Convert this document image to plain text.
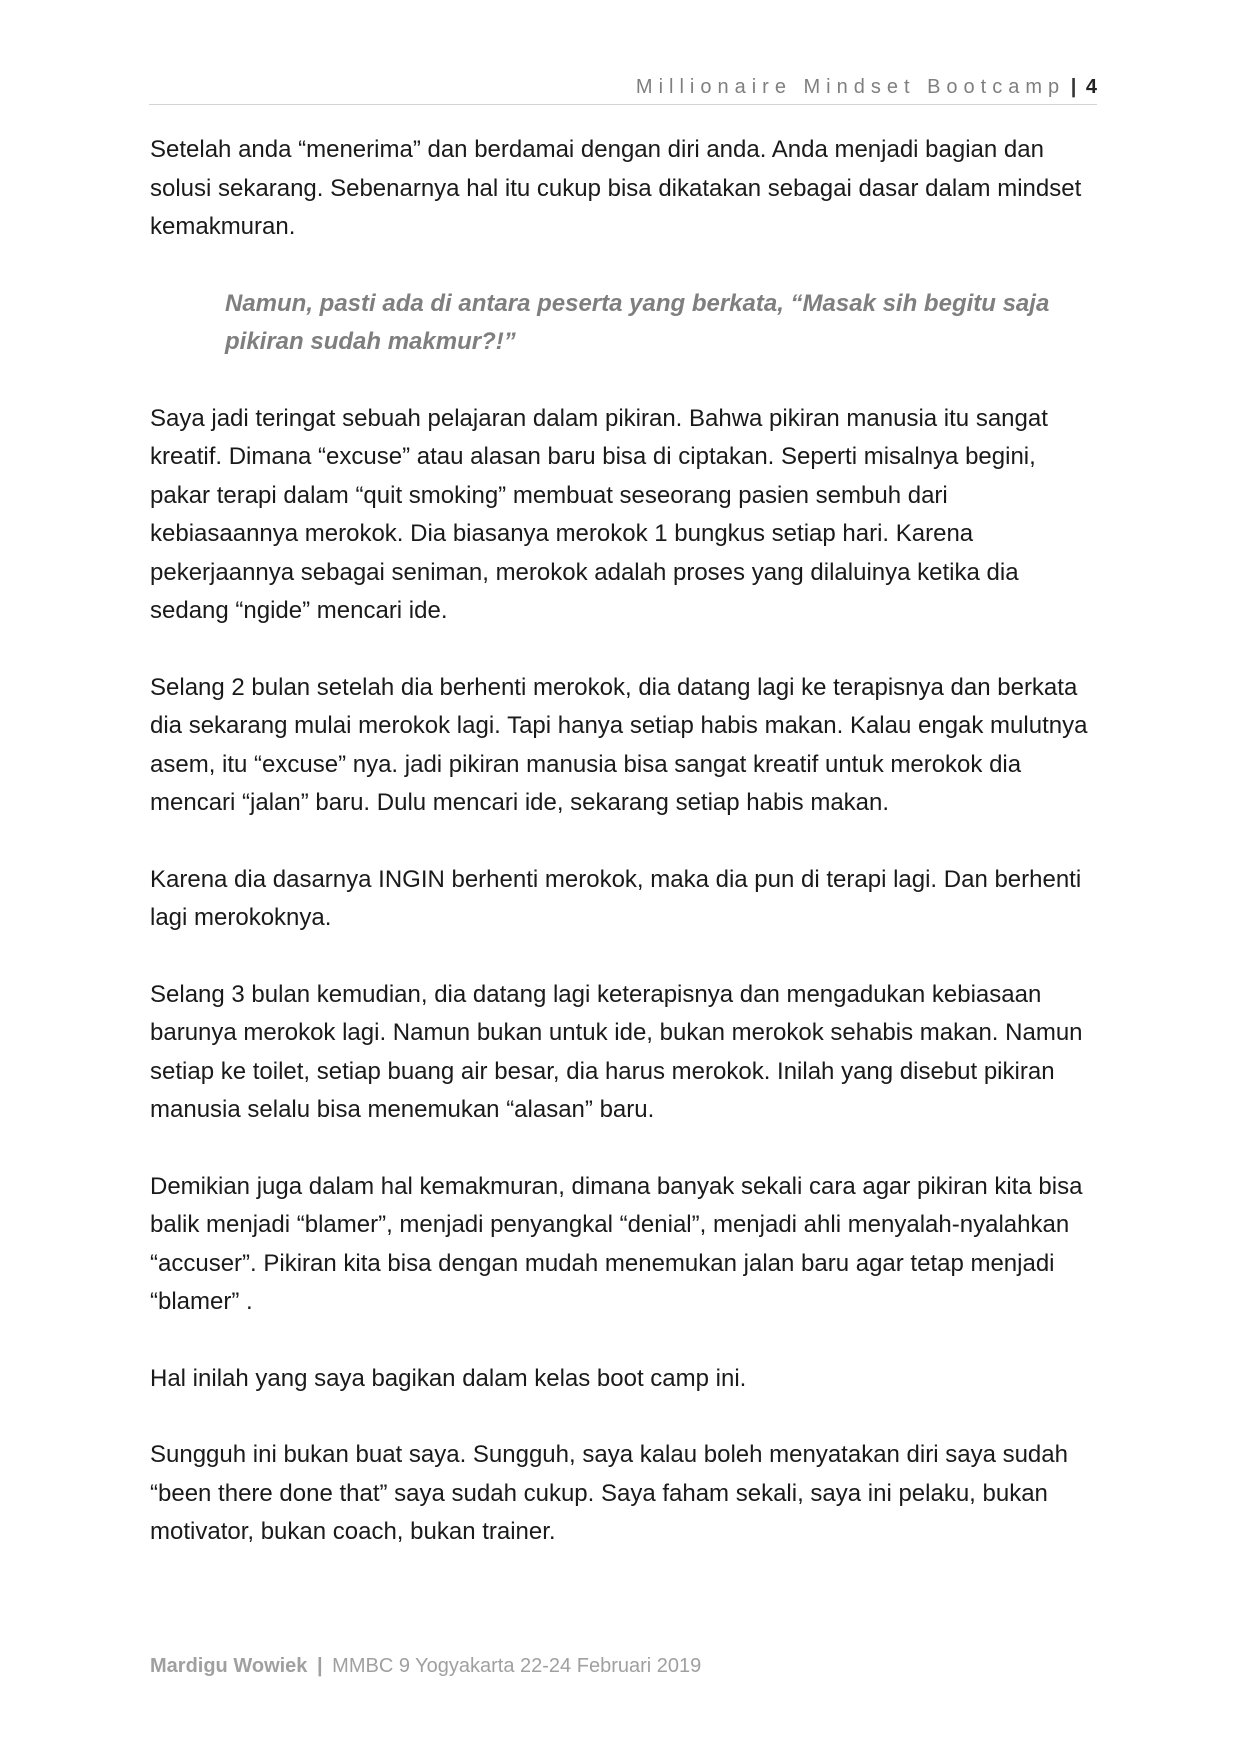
Millionaire Mindset Bootcamp | 4

Setelah anda “menerima” dan berdamai dengan diri anda. Anda menjadi bagian dan solusi sekarang. Sebenarnya hal itu cukup bisa dikatakan sebagai dasar dalam mindset kemakmuran.

Namun, pasti ada di antara peserta yang berkata, “Masak sih begitu saja pikiran sudah makmur?!”

Saya jadi teringat sebuah pelajaran dalam pikiran. Bahwa pikiran manusia itu sangat kreatif. Dimana “excuse” atau alasan baru bisa di ciptakan. Seperti misalnya begini, pakar terapi dalam “quit smoking” membuat seseorang pasien sembuh dari kebiasaannya merokok. Dia biasanya merokok 1 bungkus setiap hari. Karena pekerjaannya sebagai seniman, merokok adalah proses yang dilaluinya ketika dia sedang “ngide” mencari ide.

Selang 2 bulan setelah dia berhenti merokok, dia datang lagi ke terapisnya dan berkata dia sekarang mulai merokok lagi. Tapi hanya setiap habis makan. Kalau engak mulutnya asem, itu “excuse” nya. jadi pikiran manusia bisa sangat kreatif untuk merokok dia mencari “jalan” baru. Dulu mencari ide, sekarang setiap habis makan.

Karena dia dasarnya INGIN berhenti merokok, maka dia pun di terapi lagi. Dan berhenti lagi merokoknya.

Selang 3 bulan kemudian, dia datang lagi keterapisnya dan mengadukan kebiasaan barunya merokok lagi. Namun bukan untuk ide, bukan merokok sehabis makan. Namun setiap ke toilet, setiap buang air besar, dia harus merokok. Inilah yang disebut pikiran manusia selalu bisa menemukan “alasan” baru.

Demikian juga dalam hal kemakmuran, dimana banyak sekali cara agar pikiran kita bisa balik menjadi “blamer”, menjadi penyangkal “denial”, menjadi ahli menyalah-nyalahkan “accuser”. Pikiran kita bisa dengan mudah menemukan jalan baru agar tetap menjadi “blamer” .

Hal inilah yang saya bagikan dalam kelas boot camp ini.

Sungguh ini bukan buat saya. Sungguh, saya kalau boleh menyatakan diri saya sudah “been there done that” saya sudah cukup. Saya faham sekali, saya ini pelaku, bukan motivator, bukan coach, bukan trainer.

Mardigu Wowiek | MMBC 9 Yogyakarta 22-24 Februari 2019
